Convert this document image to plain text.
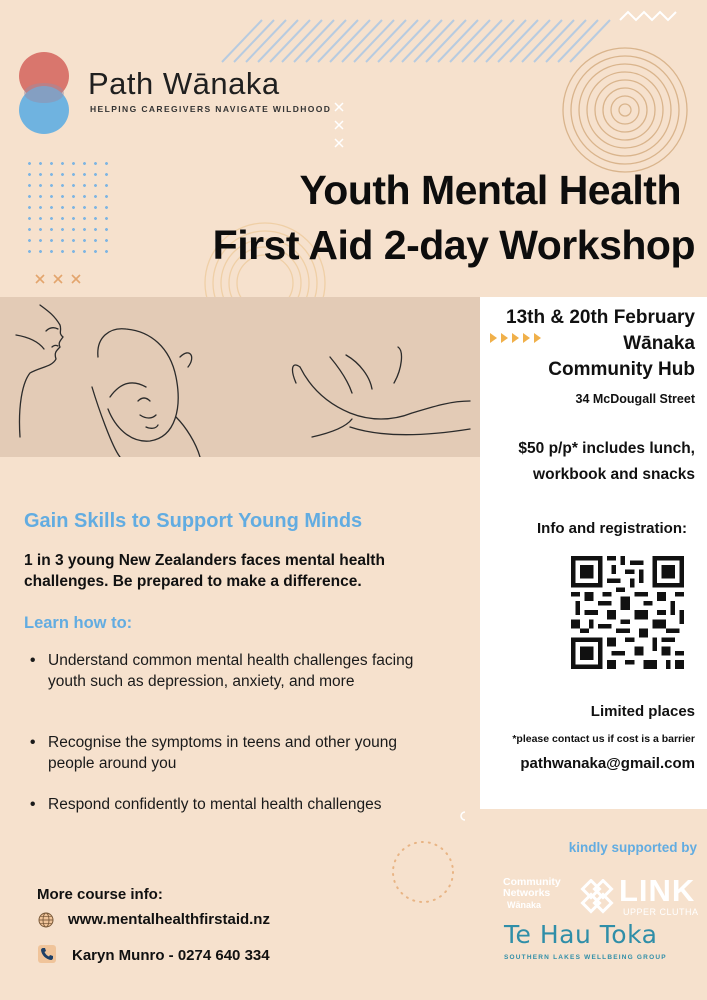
Path Wānaka
HELPING CAREGIVERS NAVIGATE WILDHOOD
Youth Mental Health
First Aid 2-day Workshop
13th & 20th February
Wānaka
Community Hub
34 McDougall Street
$50 p/p* includes lunch,
workbook and snacks
Info and registration:
Limited places
*please contact us if cost is a barrier
pathwanaka@gmail.com
Gain Skills to Support Young Minds
1 in 3 young New Zealanders faces mental health challenges. Be prepared to make a difference.
Learn how to:
• Understand common mental health challenges facing youth such as depression, anxiety, and more
• Recognise the symptoms in teens and other young people around you
• Respond confidently to mental health challenges
More course info:
www.mentalhealthfirstaid.nz
Karyn Munro - 0274 640 334
kindly supported by
Community
Networks
Wānaka	LINK
UPPER CLUTHA
Te Hau Toka
SOUTHERN LAKES WELLBEING GROUP
